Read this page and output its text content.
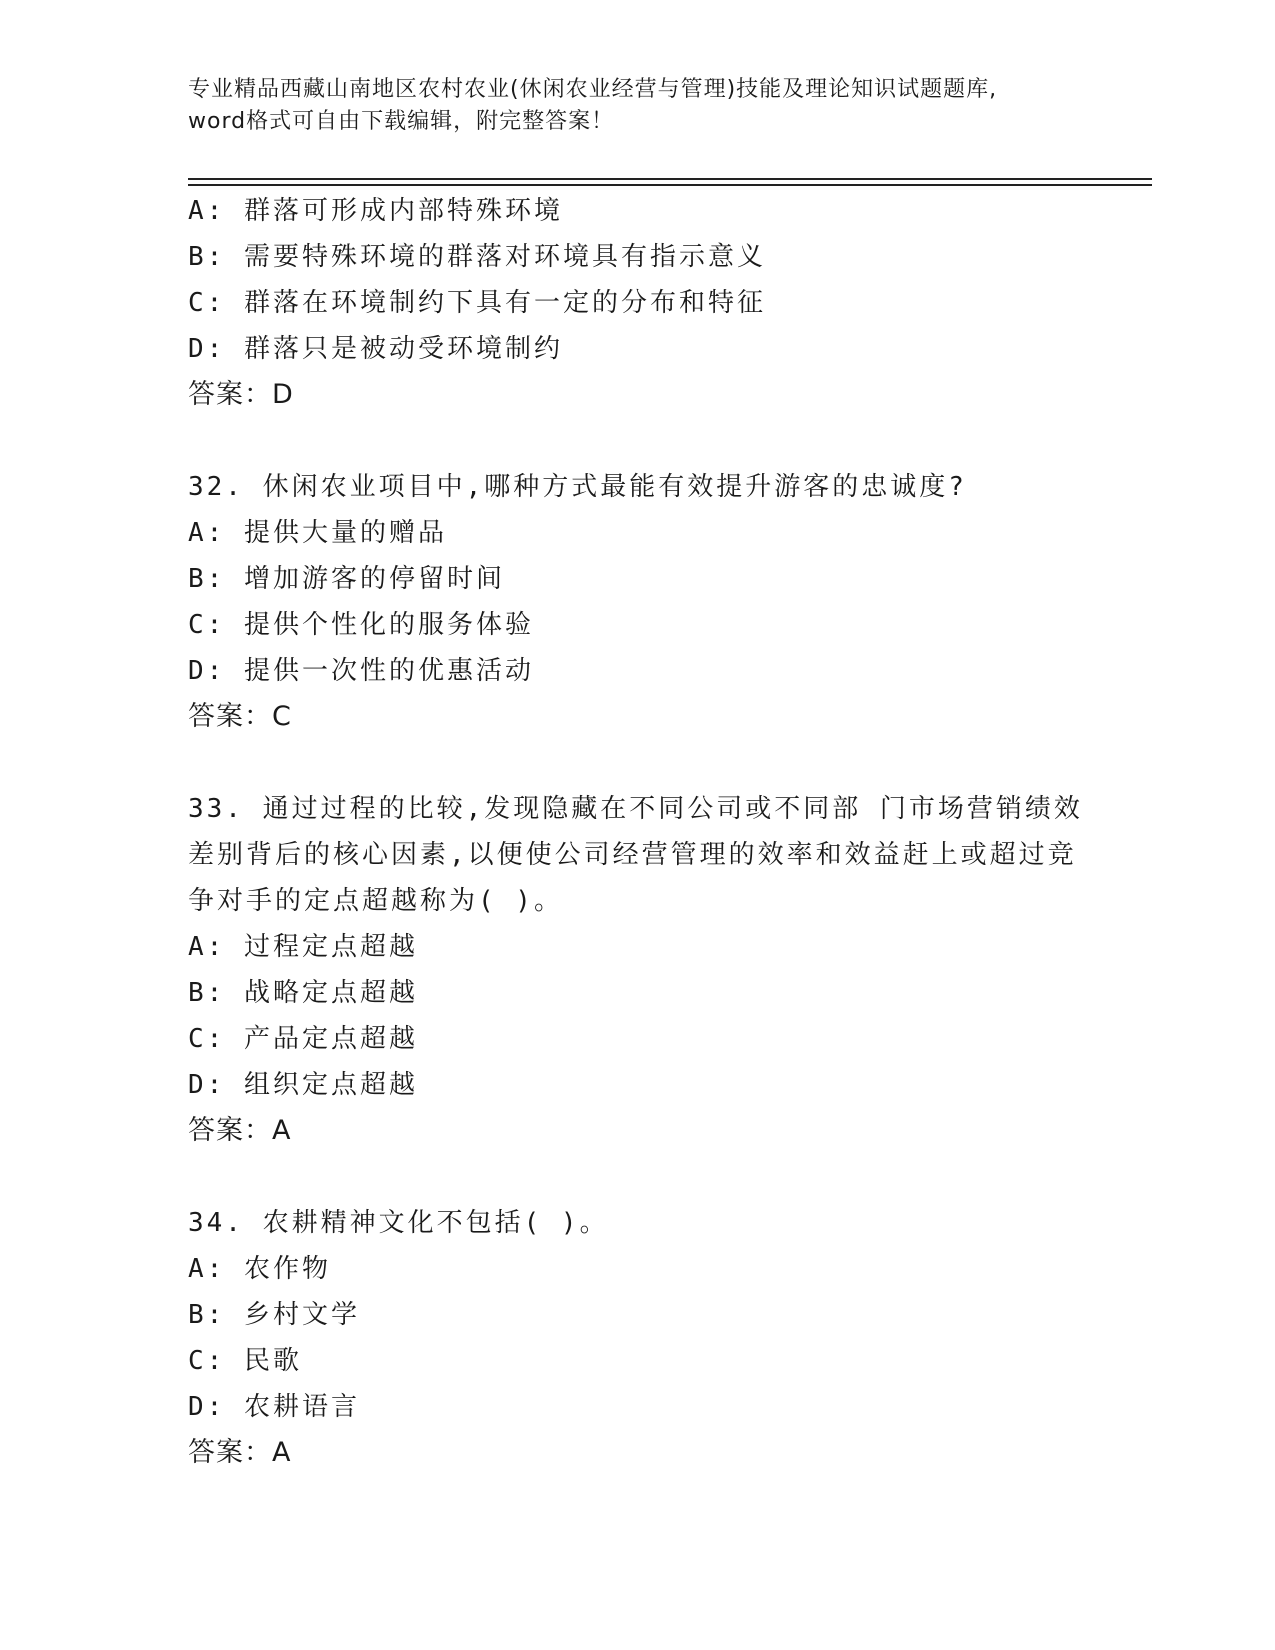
专业精品西藏山南地区农村农业(休闲农业经营与管理)技能及理论知识试题题库,
word格式可自由下载编辑，附完整答案！
A: 群落可形成内部特殊环境
B: 需要特殊环境的群落对环境具有指示意义
C: 群落在环境制约下具有一定的分布和特征
D: 群落只是被动受环境制约
答案：D
32. 休闲农业项目中,哪种方式最能有效提升游客的忠诚度?
A: 提供大量的赠品
B: 增加游客的停留时间
C: 提供个性化的服务体验
D: 提供一次性的优惠活动
答案：C
33. 通过过程的比较,发现隐藏在不同公司或不同部 门市场营销绩效
差别背后的核心因素,以便使公司经营管理的效率和效益赶上或超过竞
争对手的定点超越称为( )。
A: 过程定点超越
B: 战略定点超越
C: 产品定点超越
D: 组织定点超越
答案：A
34. 农耕精神文化不包括( )。
A: 农作物
B: 乡村文学
C: 民歌
D: 农耕语言
答案：A
